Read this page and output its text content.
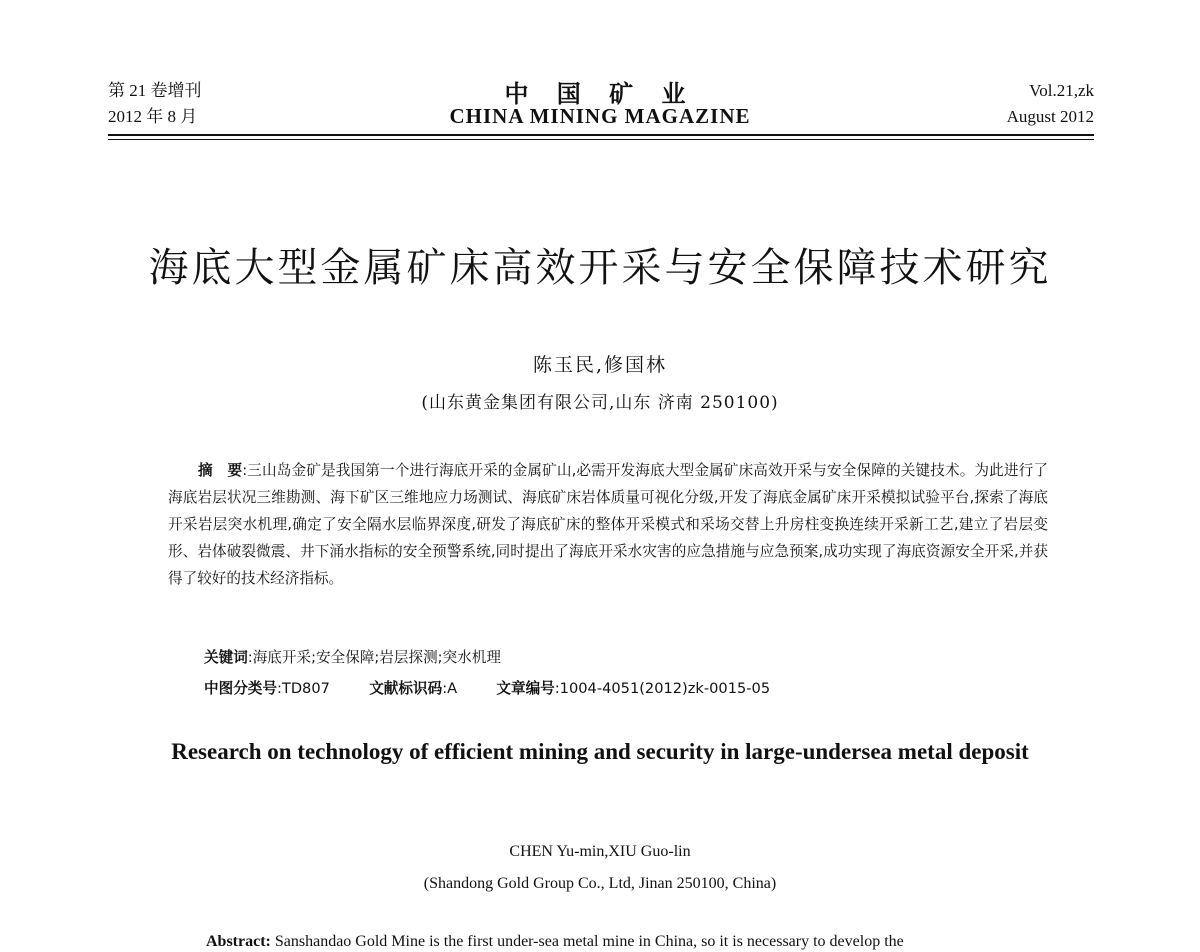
第 21 卷增刊
2012 年 8 月
中 国 矿 业
CHINA MINING MAGAZINE
Vol.21,zk
August 2012
海底大型金属矿床高效开采与安全保障技术研究
陈玉民,修国林
(山东黄金集团有限公司,山东 济南 250100)
摘　要:三山岛金矿是我国第一个进行海底开采的金属矿山,必需开发海底大型金属矿床高效开采与安全保障的关键技术。为此进行了海底岩层状况三维勘测、海下矿区三维地应力场测试、海底矿床岩体质量可视化分级,开发了海底金属矿床开采模拟试验平台,探索了海底开采岩层突水机理,确定了安全隔水层临界深度,研发了海底矿床的整体开采模式和采场交替上升房柱变换连续开采新工艺,建立了岩层变形、岩体破裂微震、井下涌水指标的安全预警系统,同时提出了海底开采水灾害的应急措施与应急预案,成功实现了海底资源安全开采,并获得了较好的技术经济指标。
关键词:海底开采;安全保障;岩层探测;突水机理
中图分类号:TD807	文献标识码:A	文章编号:1004-4051(2012)zk-0015-05
Research on technology of efficient mining and security in large-undersea metal deposit
CHEN Yu-min,XIU Guo-lin
(Shandong Gold Group Co., Ltd, Jinan 250100, China)
Abstract: Sanshandao Gold Mine is the first under-sea metal mine in China, so it is necessary to develop the
